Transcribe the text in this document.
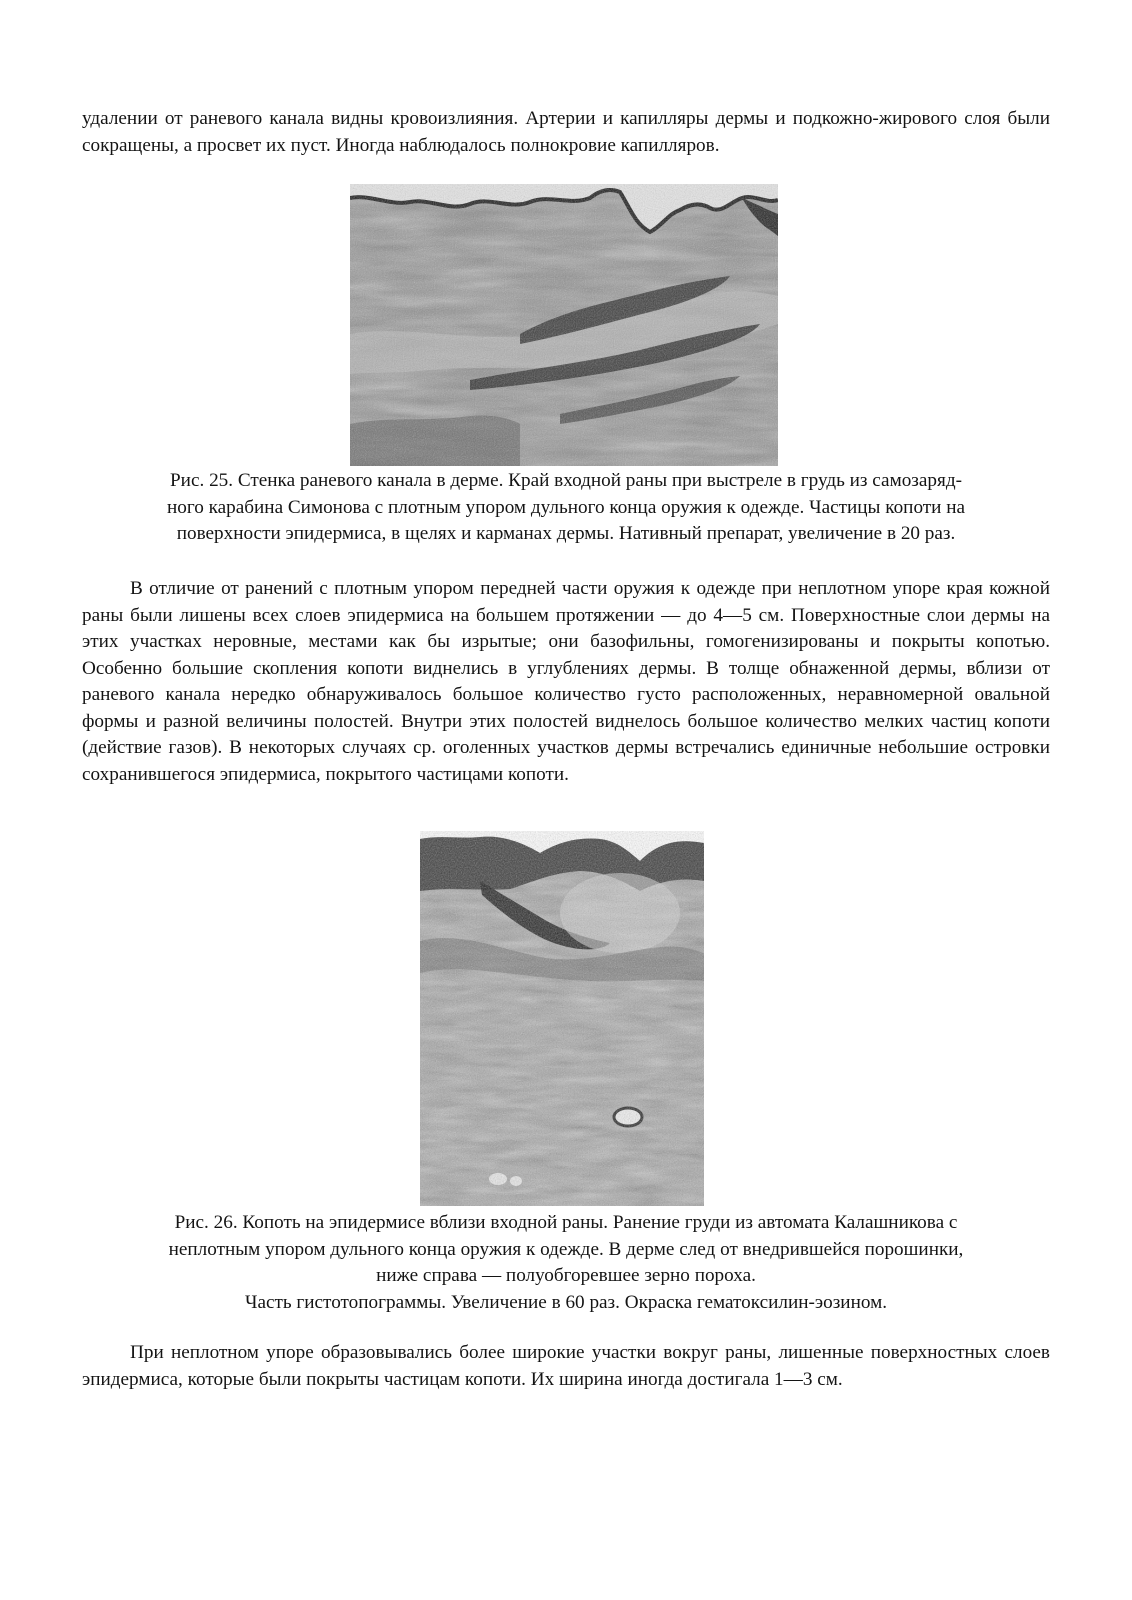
удалении от раневого канала видны кровоизлияния. Артерии и капилляры дермы и подкожно-жирового слоя были сокращены, а просвет их пуст. Иногда наблюдалось полнокровие капилляров.

Рис. 25. Стенка раневого канала в дерме. Край входной раны при выстреле в грудь из самозаряд-
ного карабина Симонова с плотным упором дульного конца оружия к одежде. Частицы копоти на
поверхности эпидермиса, в щелях и карманах дермы. Нативный препарат, увеличение в 20 раз.

В отличие от ранений с плотным упором передней части оружия к одежде при неплотном упоре края кожной раны были лишены всех слоев эпидермиса на большем протяжении — до 4—5 см. Поверхностные слои дермы на этих участках неровные, местами как бы изрытые; они базофильны, гомогенизированы и покрыты копотью. Особенно большие скопления копоти виднелись в углублениях дермы. В толще обнаженной дермы, вблизи от раневого канала нередко обнаруживалось большое количество густо расположенных, неравномерной овальной формы и разной величины полостей. Внутри этих полостей виднелось большое количество мелких частиц копоти (действие газов). В некоторых случаях ср. оголенных участков дермы встречались единичные небольшие островки сохранившегося эпидермиса, покрытого частицами копоти.

Рис. 26. Копоть на эпидермисе вблизи входной раны. Ранение груди из автомата Калашникова с
неплотным упором дульного конца оружия к одежде. В дерме след от внедрившейся порошинки,
ниже справа — полуобгоревшее зерно пороха.
Часть гистотопограммы. Увеличение в 60 раз. Окраска гематоксилин-эозином.

При неплотном упоре образовывались более широкие участки вокруг раны, лишенные поверхностных слоев эпидермиса, которые были покрыты частицам копоти. Их ширина иногда достигала 1—3 см.
